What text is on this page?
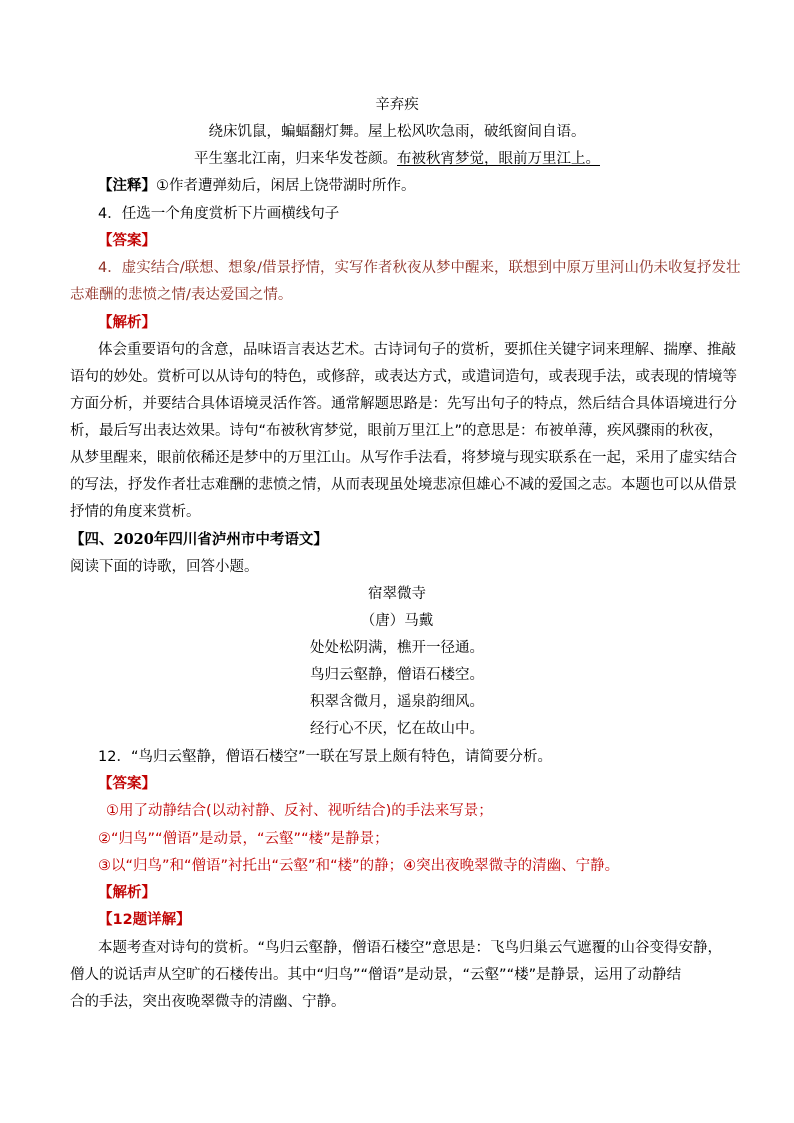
辛弃疾
绕床饥鼠，蝙蝠翻灯舞。屋上松风吹急雨，破纸窗间自语。
平生塞北江南，归来华发苍颜。布被秋宵梦觉，眼前万里江上。
【注释】①作者遭弹劾后，闲居上饶带湖时所作。
4．任选一个角度赏析下片画横线句子
【答案】
4．虚实结合/联想、想象/借景抒情，实写作者秋夜从梦中醒来，联想到中原万里河山仍未收复抒发壮
志难酬的悲愤之情/表达爱国之情。
【解析】
体会重要语句的含意，品味语言表达艺术。古诗词句子的赏析，要抓住关键字词来理解、揣摩、推敲
语句的妙处。赏析可以从诗句的特色，或修辞，或表达方式，或遣词造句，或表现手法，或表现的情境等
方面分析，并要结合具体语境灵活作答。通常解题思路是：先写出句子的特点，然后结合具体语境进行分
析，最后写出表达效果。诗句“布被秋宵梦觉，眼前万里江上”的意思是：布被单薄，疾风骤雨的秋夜，
从梦里醒来，眼前依稀还是梦中的万里江山。从写作手法看，将梦境与现实联系在一起，采用了虚实结合
的写法，抒发作者壮志难酬的悲愤之情，从而表现虽处境悲凉但雄心不减的爱国之志。本题也可以从借景
抒情的角度来赏析。
【四、2020年四川省泸州市中考语文】
阅读下面的诗歌，回答小题。
宿翠微寺
（唐）马戴
处处松阴满，樵开一径通。
鸟归云壑静，僧语石楼空。
积翠含微月，遥泉韵细风。
经行心不厌，忆在故山中。
12．“鸟归云壑静，僧语石楼空”一联在写景上颇有特色，请简要分析。
【答案】
①用了动静结合(以动衬静、反衬、视听结合)的手法来写景；
②“归鸟”“僧语”是动景，“云壑”“楼”是静景；
③以“归鸟”和“僧语”衬托出“云壑”和“楼”的静；④突出夜晚翠微寺的清幽、宁静。
【解析】
【12题详解】
本题考查对诗句的赏析。“鸟归云壑静，僧语石楼空”意思是：飞鸟归巢云气遮覆的山谷变得安静，
僧人的说话声从空旷的石楼传出。其中“归鸟”“僧语”是动景，“云壑”“楼”是静景，运用了动静结
合的手法，突出夜晚翠微寺的清幽、宁静。
